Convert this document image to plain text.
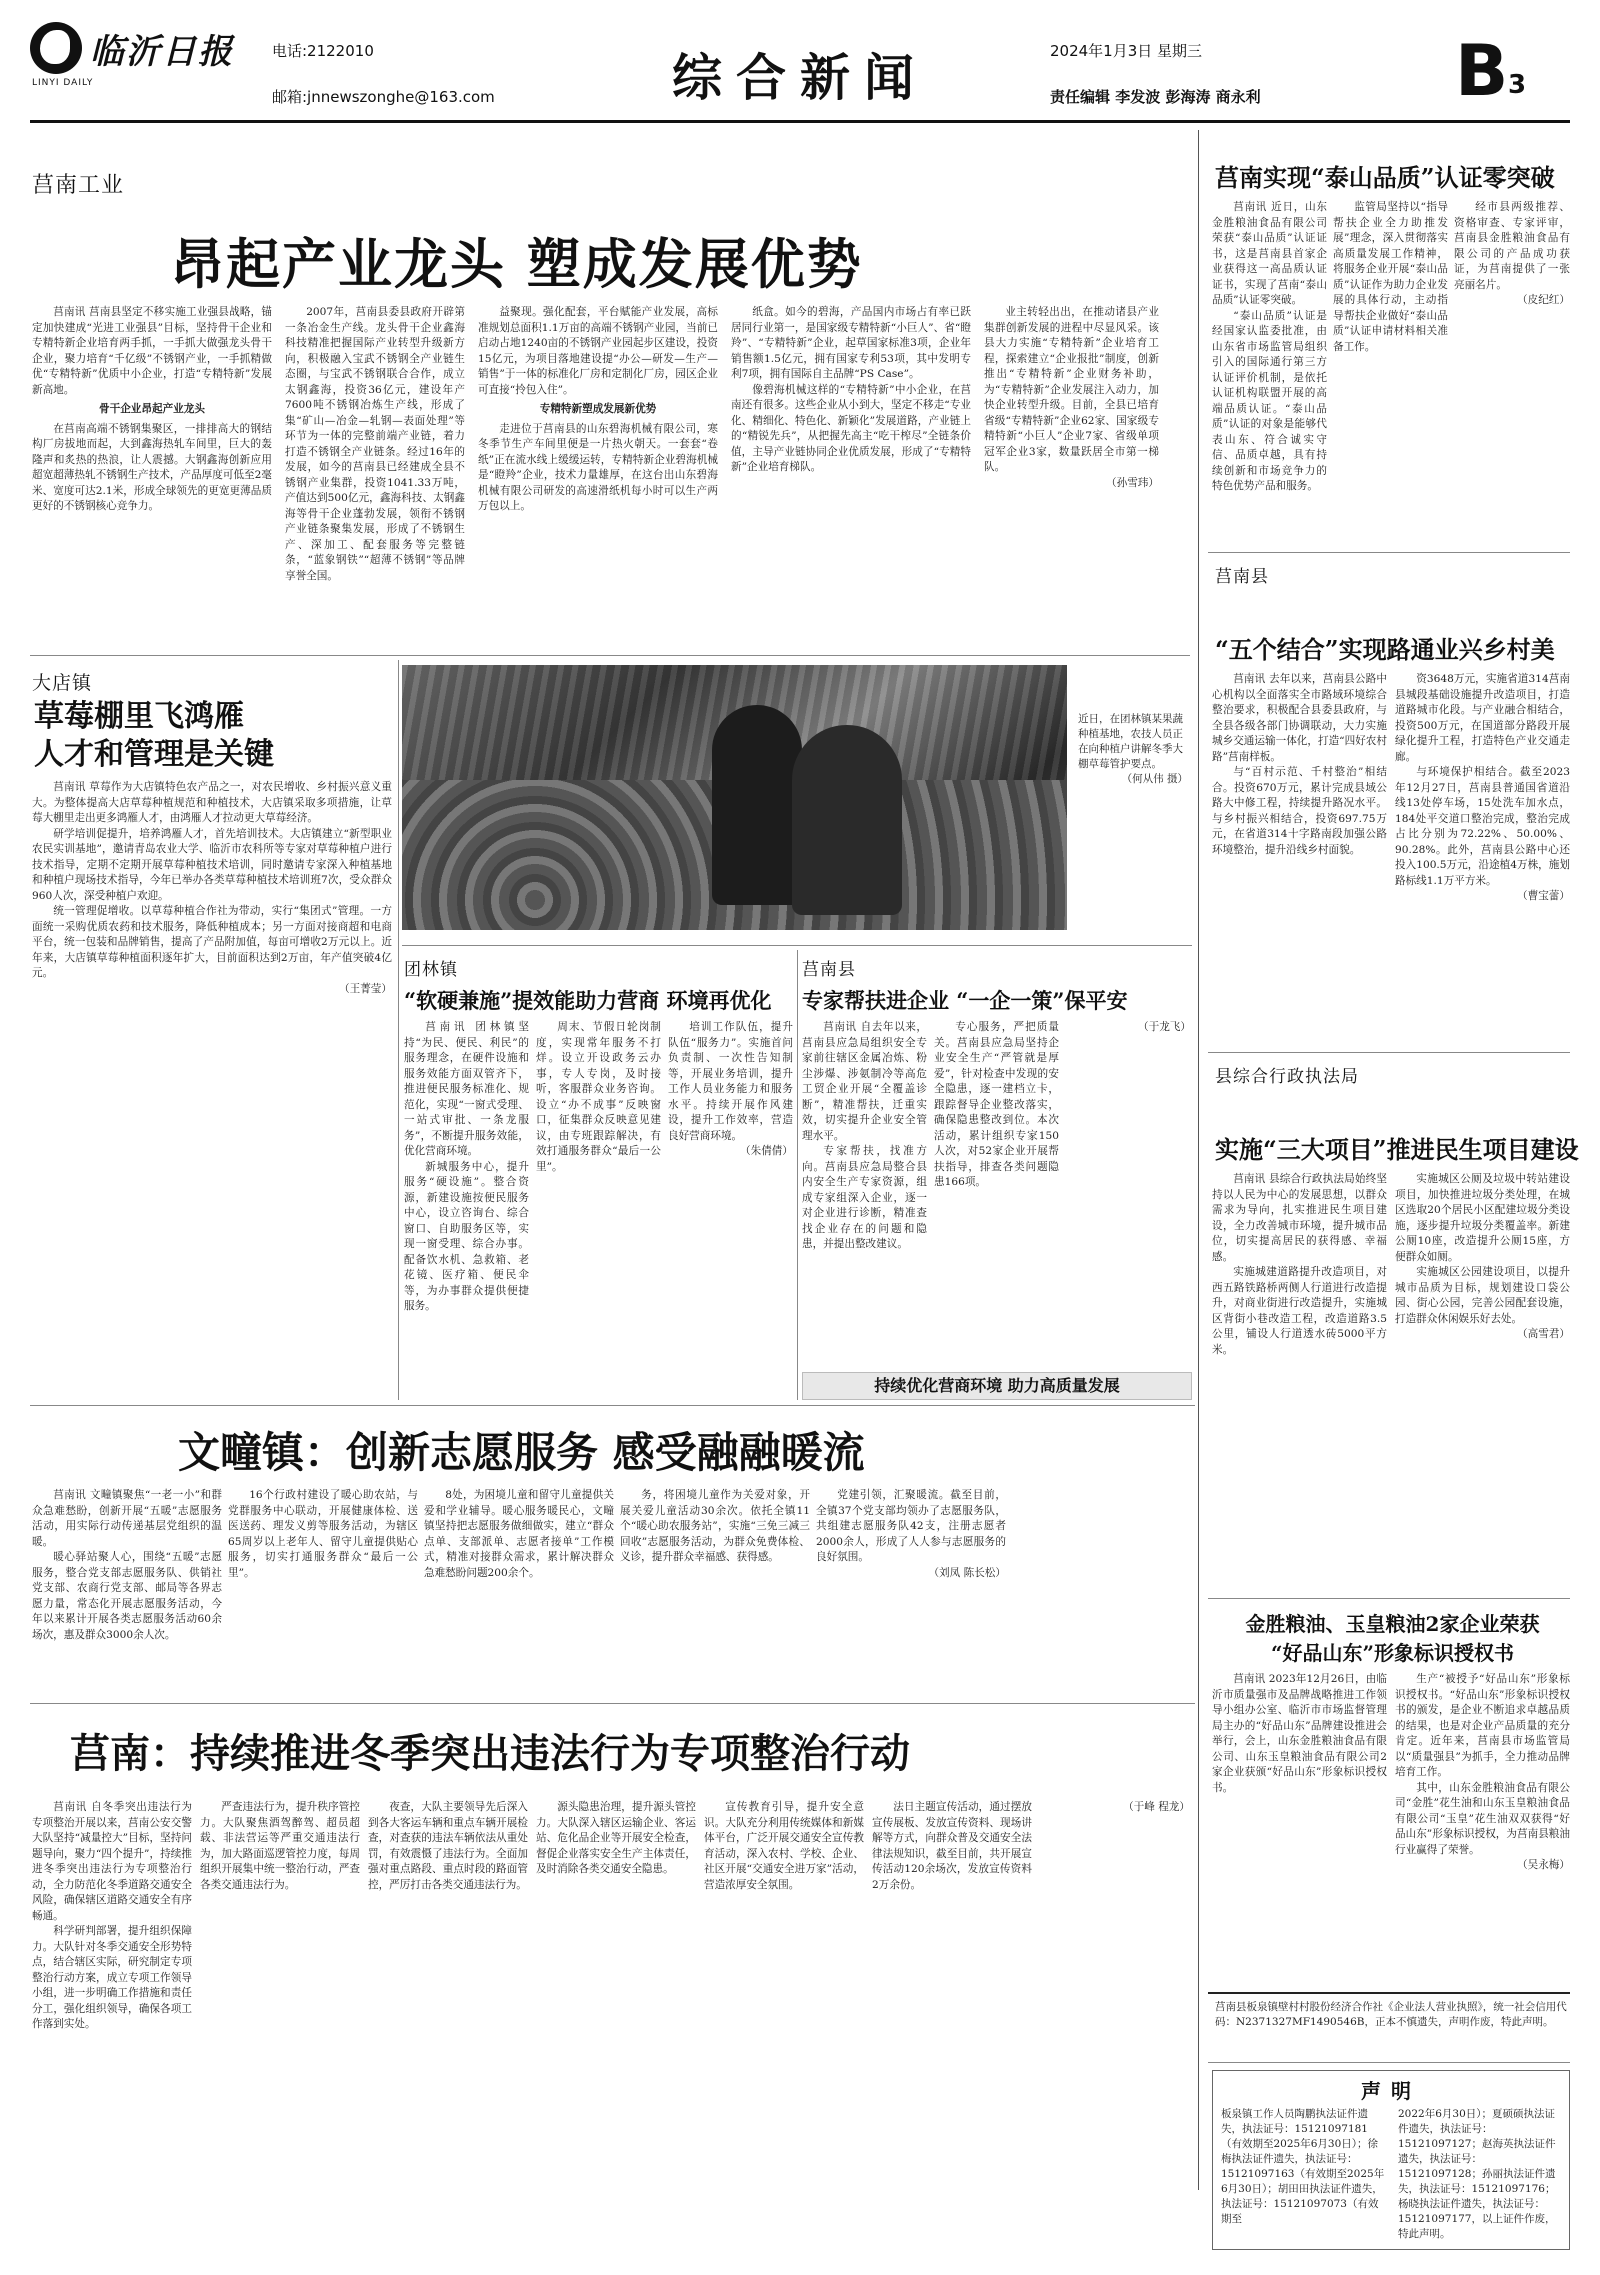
临沂日报
LINYI DAILY
电话:2122010
邮箱:jnnewszonghe@163.com	综合新闻	2024年1月3日 星期三
责任编辑 李发波 彭海涛 商永利	B 3
莒南工业
昂起产业龙头 塑成发展优势

莒南讯 莒南县坚定不移实施工业强县战略，锚定加快建成“光进工业强县”目标，坚持骨干企业和专精特新企业培育两手抓，一手抓大做强龙头骨干企业，聚力培育“千亿级”不锈钢产业，一手抓精做优“专精特新”优质中小企业，打造“专精特新”发展新高地。

骨干企业昂起产业龙头

在莒南高端不锈钢集聚区，一排排高大的钢结构厂房拔地而起，大到鑫海热轧车间里，巨大的轰隆声和炙热的热浪，让人震撼。大钢鑫海创新应用超宽超薄热轧不锈钢生产技术，产品厚度可低至2毫米、宽度可达2.1米，形成全球领先的更宽更薄品质更好的不锈钢核心竞争力。

2007年，莒南县委县政府开辟第一条冶金生产线。龙头骨干企业鑫海科技精准把握国际产业转型升级新方向，积极融入宝武不锈钢全产业链生态圈，与宝武不锈钢联合合作，成立太钢鑫海，投资36亿元，建设年产7600吨不锈钢冶炼生产线，形成了集“矿山—冶金—轧钢—表面处理”等环节为一体的完整前端产业链，着力打造不锈钢全产业链条。经过16年的发展，如今的莒南县已经建成全县不锈钢产业集群，投资1041.33万吨，产值达到500亿元，鑫海科技、太钢鑫海等骨干企业蓬勃发展，领衔不锈钢产业链条聚集发展，形成了不锈钢生产、深加工、配套服务等完整链条，“蓝象钢铁”“超薄不锈钢”等品牌享誉全国。

益聚现。强化配套，平台赋能产业发展，高标准规划总面积1.1万亩的高端不锈钢产业园，当前已启动占地1240亩的不锈钢产业园起步区建设，投资15亿元，为项目落地建设提“办公—研发—生产—销售”于一体的标准化厂房和定制化厂房，园区企业可直接“拎包入住”。

专精特新塑成发展新优势

走进位于莒南县的山东碧海机械有限公司，寒冬季节生产车间里便是一片热火朝天。一套套“卷纸”正在流水线上缓缓运转，专精特新企业碧海机械是“瞪羚”企业，技术力量雄厚，在这台出山东碧海机械有限公司研发的高速滑纸机每小时可以生产两万包以上。

纸盒。如今的碧海，产品国内市场占有率已跃居同行业第一，是国家级专精特新“小巨人”、省“瞪羚”、“专精特新”企业，起草国家标准3项，企业年销售额1.5亿元，拥有国家专利53项，其中发明专利7项，拥有国际自主品牌“PS Case”。

像碧海机械这样的“专精特新”中小企业，在莒南还有很多。这些企业从小到大，坚定不移走“专业化、精细化、特色化、新颖化”发展道路，产业链上的“精锐先兵”，从把握先高主“吃干榨尽”全链条价值，主导产业链协同企业优质发展，形成了“专精特新”企业培育梯队。

业主转轻出出，在推动诸县产业集群创新发展的进程中尽显风采。该县大力实施“专精特新”企业培育工程，探索建立“企业报批”制度，创新推出“专精特新”企业财务补助，为“专精特新”企业发展注入动力，加快企业转型升级。目前，全县已培育省级“专精特新”企业62家、国家级专精特新“小巨人”企业7家、省级单项冠军企业3家，数量跃居全市第一梯队。

（孙雪玮）

大店镇
草莓棚里飞鸿雁
人才和管理是关键

莒南讯 草莓作为大店镇特色农产品之一，对农民增收、乡村振兴意义重大。为整体提高大店草莓种植规范和种植技术，大店镇采取多项措施，让草莓大棚里走出更多鸿雁人才，由鸿雁人才拉动更大草莓经济。

研学培训促提升，培养鸿雁人才，首先培训技术。大店镇建立“新型职业农民实训基地”，邀请青岛农业大学、临沂市农科所等专家对草莓种植户进行技术指导，定期不定期开展草莓种植技术培训，同时邀请专家深入种植基地和种植户现场技术指导，今年已举办各类草莓种植技术培训班7次，受众群众960人次，深受种植户欢迎。

统一管理促增收。以草莓种植合作社为带动，实行“集团式”管理。一方面统一采购优质农药和技术服务，降低种植成本；另一方面对接商超和电商平台，统一包装和品牌销售，提高了产品附加值，每亩可增收2万元以上。近年来，大店镇草莓种植面积逐年扩大，目前面积达到2万亩，年产值突破4亿元。

（王菁莹）

近日，在团林镇某果蔬种植基地，农技人员正在向种植户讲解冬季大棚草莓管护要点。
（何从伟 摄）
团林镇
“软硬兼施”提效能助力营商 环境再优化

莒南讯 团林镇坚持“为民、便民、利民”的服务理念，在硬件设施和服务效能方面双管齐下，推进便民服务标准化、规范化，实现“一窗式受理、一站式审批、一条龙服务”，不断提升服务效能，优化营商环境。

新城服务中心，提升服务“硬设施”。整合资源，新建设施按便民服务中心，设立咨询台、综合窗口、自助服务区等，实现一窗受理、综合办事。配备饮水机、急救箱、老花镜、医疗箱、便民伞等，为办事群众提供便捷服务。

周末、节假日轮岗制度，实现常年服务不打烊。设立开设政务云办事，专人专岗，及时接听，客服群众业务咨询。设立“办不成事”反映窗口，征集群众反映意见建议，由专班跟踪解决，有效打通服务群众“最后一公里”。

培训工作队伍，提升队伍“服务力”。实施首问负责制、一次性告知制等，开展业务培训，提升工作人员业务能力和服务水平。持续开展作风建设，提升工作效率，营造良好营商环境。

（朱倩倩）

莒南县
专家帮扶进企业 “一企一策”保平安

莒南讯 自去年以来，莒南县应急局组织安全专家前往辖区金属冶炼、粉尘涉爆、涉氨制冷等高危工贸企业开展“全覆盖诊断”，精准帮扶，迁重实效，切实提升企业安全管理水平。

专家帮扶，找准方向。莒南县应急局整合县内安全生产专家资源，组成专家组深入企业，逐一对企业进行诊断，精准查找企业存在的问题和隐患，并提出整改建议。

专心服务，严把质量关。莒南县应急局坚持企业安全生产“严管就是厚爱”，针对检查中发现的安全隐患，逐一建档立卡，跟踪督导企业整改落实，确保隐患整改到位。本次活动，累计组织专家150人次，对52家企业开展帮扶指导，排查各类问题隐患166项。

（于龙飞）

持续优化营商环境 助力高质量发展
文疃镇：创新志愿服务 感受融融暖流

莒南讯 文疃镇聚焦“一老一小”和群众急难愁盼，创新开展“五暖”志愿服务活动，用实际行动传递基层党组织的温暖。

暖心驿站聚人心，围绕“五暖”志愿服务，整合党支部志愿服务队、供销社党支部、农商行党支部、邮局等各界志愿力量，常态化开展志愿服务活动，今年以来累计开展各类志愿服务活动60余场次，惠及群众3000余人次。

16个行政村建设了暖心助农站，与党群服务中心联动，开展健康体检、送医送药、理发义剪等服务活动，为辖区65周岁以上老年人、留守儿童提供贴心服务，切实打通服务群众“最后一公里”。

8处，为困境儿童和留守儿童提供关爱和学业辅导。暖心服务暖民心，文疃镇坚持把志愿服务做细做实，建立“群众点单、支部派单、志愿者接单”工作模式，精准对接群众需求，累计解决群众急难愁盼问题200余个。

务，将困境儿童作为关爱对象，开展关爱儿童活动30余次。依托全镇11个“暖心助农服务站”，实施“三免三减三回收”志愿服务活动，为群众免费体检、义诊，提升群众幸福感、获得感。

党建引领，汇聚暖流。截至目前，全镇37个党支部均领办了志愿服务队，共组建志愿服务队42支，注册志愿者2000余人，形成了人人参与志愿服务的良好氛围。

（刘凤 陈长松）

莒南：持续推进冬季突出违法行为专项整治行动

莒南讯 自冬季突出违法行为专项整治开展以来，莒南公安交警大队坚持“减量控大”目标，坚持问题导向，聚力“四个提升”，持续推进冬季突出违法行为专项整治行动，全力防范化冬季道路交通安全风险，确保辖区道路交通安全有序畅通。

科学研判部署，提升组织保障力。大队针对冬季交通安全形势特点，结合辖区实际，研究制定专项整治行动方案，成立专项工作领导小组，进一步明确工作措施和责任分工，强化组织领导，确保各项工作落到实处。

严查违法行为，提升秩序管控力。大队聚焦酒驾醉驾、超员超载、非法营运等严重交通违法行为，加大路面巡逻管控力度，每周组织开展集中统一整治行动，严查各类交通违法行为。

夜查，大队主要领导先后深入到各大客运车辆和重点车辆开展检查，对查获的违法车辆依法从重处罚，有效震慑了违法行为。全面加强对重点路段、重点时段的路面管控，严厉打击各类交通违法行为。

源头隐患治理，提升源头管控力。大队深入辖区运输企业、客运站、危化品企业等开展安全检查，督促企业落实安全生产主体责任，及时消除各类交通安全隐患。

宣传教育引导，提升安全意识。大队充分利用传统媒体和新媒体平台，广泛开展交通安全宣传教育活动，深入农村、学校、企业、社区开展“交通安全进万家”活动，营造浓厚安全氛围。

法日主题宣传活动，通过摆放宣传展板、发放宣传资料、现场讲解等方式，向群众普及交通安全法律法规知识，截至目前，共开展宣传活动120余场次，发放宣传资料2万余份。

（于峰 程龙）

莒南实现“泰山品质”认证零突破

莒南讯 近日，山东金胜粮油食品有限公司荣获“泰山品质”认证证书，这是莒南县首家企业获得这一高品质认证证书，实现了莒南“泰山品质”认证零突破。

“泰山品质”认证是经国家认监委批准，由山东省市场监管局组织引入的国际通行第三方认证评价机制，是依托认证机构联盟开展的高端品质认证。“泰山品质”认证的对象是能够代表山东、符合诚实守信、品质卓越，具有持续创新和市场竞争力的特色优势产品和服务。

监管局坚持以“指导帮扶企业全力助推发展”理念，深入贯彻落实高质量发展工作精神，将服务企业开展“泰山品质”认证作为助力企业发展的具体行动，主动指导帮扶企业做好“泰山品质”认证申请材料相关准备工作。

经市县两级推荐、资格审查、专家评审，莒南县金胜粮油食品有限公司的产品成功获证，为莒南提供了一张亮丽名片。

（皮纪红）

莒南县
“五个结合”实现路通业兴乡村美

莒南讯 去年以来，莒南县公路中心机构以全面落实全市路域环境综合整治要求，积极配合县委县政府，与全县各级各部门协调联动，大力实施城乡交通运输一体化，打造“四好农村路”莒南样板。

与“百村示范、千村整治”相结合。投资670万元，累计完成县域公路大中修工程，持续提升路况水平。与乡村振兴相结合，投资697.75万元，在省道314十字路南段加强公路环境整治，提升沿线乡村面貌。

资3648万元，实施省道314莒南县城段基础设施提升改造项目，打造道路城市化段。与产业融合相结合，投资500万元，在国道部分路段开展绿化提升工程，打造特色产业交通走廊。

与环境保护相结合。截至2023年12月27日，莒南县普通国省道沿线13处停车场，15处洗车加水点，184处平交道口整治完成，整治完成占比分别为72.22%、50.00%、90.28%。此外，莒南县公路中心还投入100.5万元，沿途植4万株，施划路标线1.1万平方米。

（曹宝蕾）

县综合行政执法局
实施“三大项目”推进民生项目建设

莒南讯 县综合行政执法局始终坚持以人民为中心的发展思想，以群众需求为导向，扎实推进民生项目建设，全力改善城市环境，提升城市品位，切实提高居民的获得感、幸福感。

实施城建道路提升改造项目，对西五路铁路桥两侧人行道进行改造提升，对商业街进行改造提升，实施城区背街小巷改造工程，改造道路3.5公里，铺设人行道透水砖5000平方米。

实施城区公厕及垃圾中转站建设项目，加快推进垃圾分类处理，在城区选取20个居民小区配建垃圾分类设施，逐步提升垃圾分类覆盖率。新建公厕10座，改造提升公厕15座，方便群众如厕。

实施城区公园建设项目，以提升城市品质为目标，规划建设口袋公园、街心公园，完善公园配套设施，打造群众休闲娱乐好去处。

（高雪君）

金胜粮油、玉皇粮油2家企业荣获
“好品山东”形象标识授权书

莒南讯 2023年12月26日，由临沂市质量强市及品牌战略推进工作领导小组办公室、临沂市市场监督管理局主办的“好品山东”品牌建设推进会举行，会上，山东金胜粮油食品有限公司、山东玉皇粮油食品有限公司2家企业获颁“好品山东”形象标识授权书。

生产“被授予“好品山东”形象标识授权书。“好品山东”形象标识授权书的颁发，是企业不断追求卓越品质的结果，也是对企业产品质量的充分肯定。近年来，莒南县市场监管局以“质量强县”为抓手，全力推动品牌培育工作。

其中，山东金胜粮油食品有限公司“金胜”花生油和山东玉皇粮油食品有限公司“玉皇”花生油双双获得“好品山东”形象标识授权，为莒南县粮油行业赢得了荣誉。

（吴永梅）

莒南县板泉镇壁村村股份经济合作社《企业法人营业执照》，统一社会信用代码：N2371327MF1490546B，正本不慎遗失，声明作废，特此声明。
声明
板泉镇工作人员陶鹏执法证件遗失，执法证号：15121097181（有效期至2025年6月30日）；徐梅执法证件遗失，执法证号：15121097163（有效期至2025年6月30日）；胡田田执法证件遗失，执法证号：15121097073（有效期至
2022年6月30日）；夏硕硕执法证件遗失，执法证号：15121097127；赵海英执法证件遗失，执法证号：15121097128；孙丽执法证件遗失，执法证号：15121097176；杨晓执法证件遗失，执法证号：15121097177，以上证件作废，特此声明。
